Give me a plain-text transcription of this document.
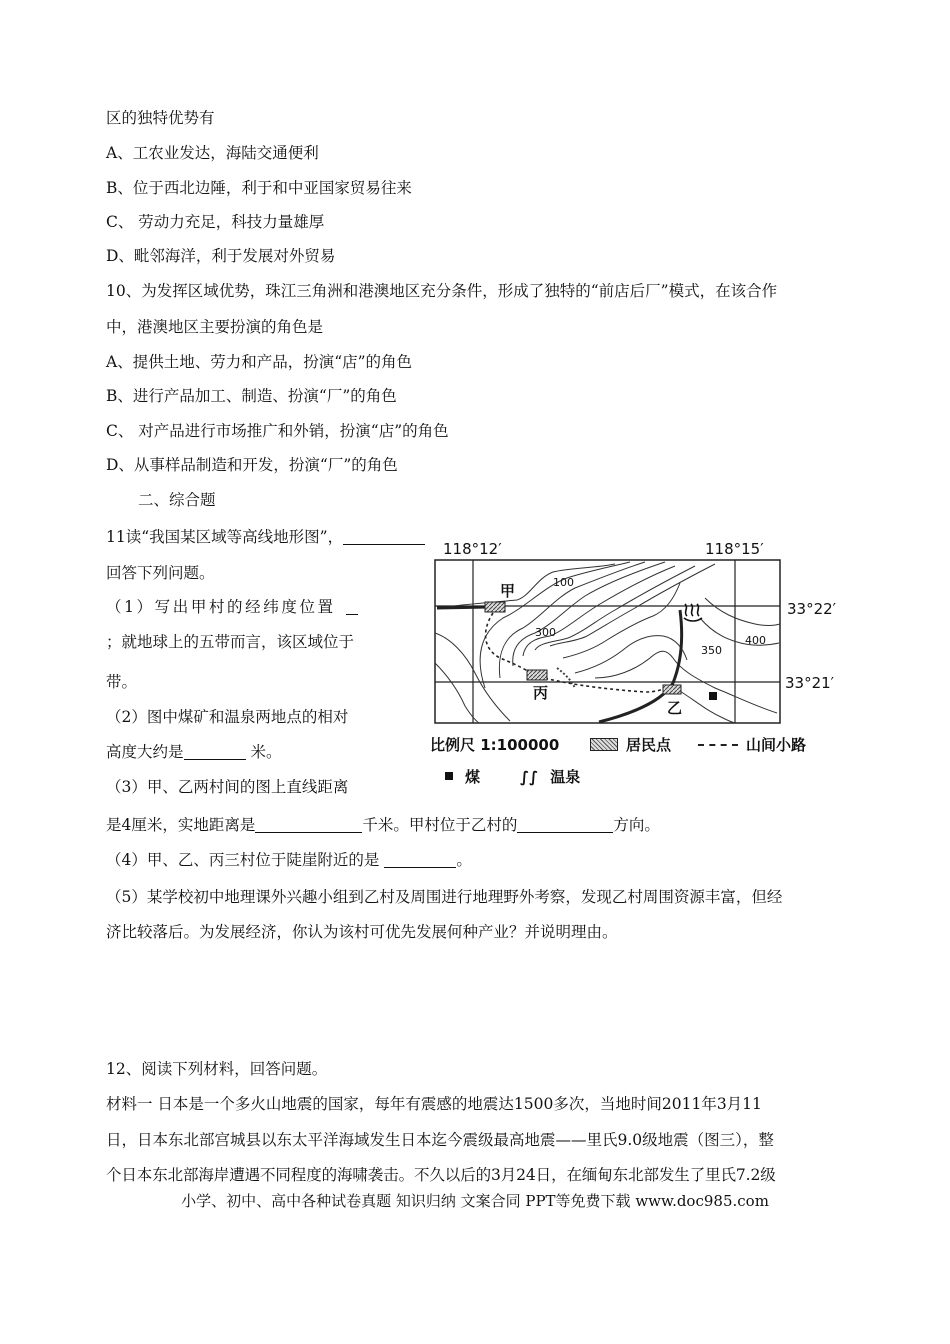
区的独特优势有
A、工农业发达，海陆交通便利
B、位于西北边陲，利于和中亚国家贸易往来
C、 劳动力充足，科技力量雄厚
D、毗邻海洋，利于发展对外贸易
10、为发挥区域优势，珠江三角洲和港澳地区充分条件，形成了独特的“前店后厂”模式，在该合作
中，港澳地区主要扮演的角色是
A、提供土地、劳力和产品，扮演“店”的角色
B、进行产品加工、制造、扮演“厂”的角色
C、 对产品进行市场推广和外销，扮演“店”的角色
D、从事样品制造和开发，扮演“厂”的角色
二、综合题
11读“我国某区域等高线地形图”，
回答下列问题。
（1）写出甲村的经纬度位置
；就地球上的五带而言，该区域位于
带。
（2）图中煤矿和温泉两地点的相对
高度大约是	米。
（3）甲、乙两村间的图上直线距离
是4厘米，实地距离是	千米。甲村位于乙村的	方向。
（4）甲、乙、丙三村位于陡崖附近的是	。
（5）某学校初中地理课外兴趣小组到乙村及周围进行地理野外考察，发现乙村周围资源丰富，但经
济比较落后。为发展经济，你认为该村可优先发展何种产业？并说明理由。
12、阅读下列材料，回答问题。
材料一 日本是一个多火山地震的国家，每年有震感的地震达1500多次，当地时间2011年3月11
日，日本东北部宫城县以东太平洋海域发生日本迄今震级最高地震——里氏9.0级地震（图三），整
个日本东北部海岸遭遇不同程度的海啸袭击。不久以后的3月24日，在缅甸东北部发生了里氏7.2级
小学、初中、高中各种试卷真题 知识归纳 文案合同 PPT等免费下载 www.doc985.com
118°12′	118°15′
33°22′
33°21′
100
300
350
400
甲
丙
乙
比例尺 1:100000	居民点	山间小路
煤	∫∫ 温泉
